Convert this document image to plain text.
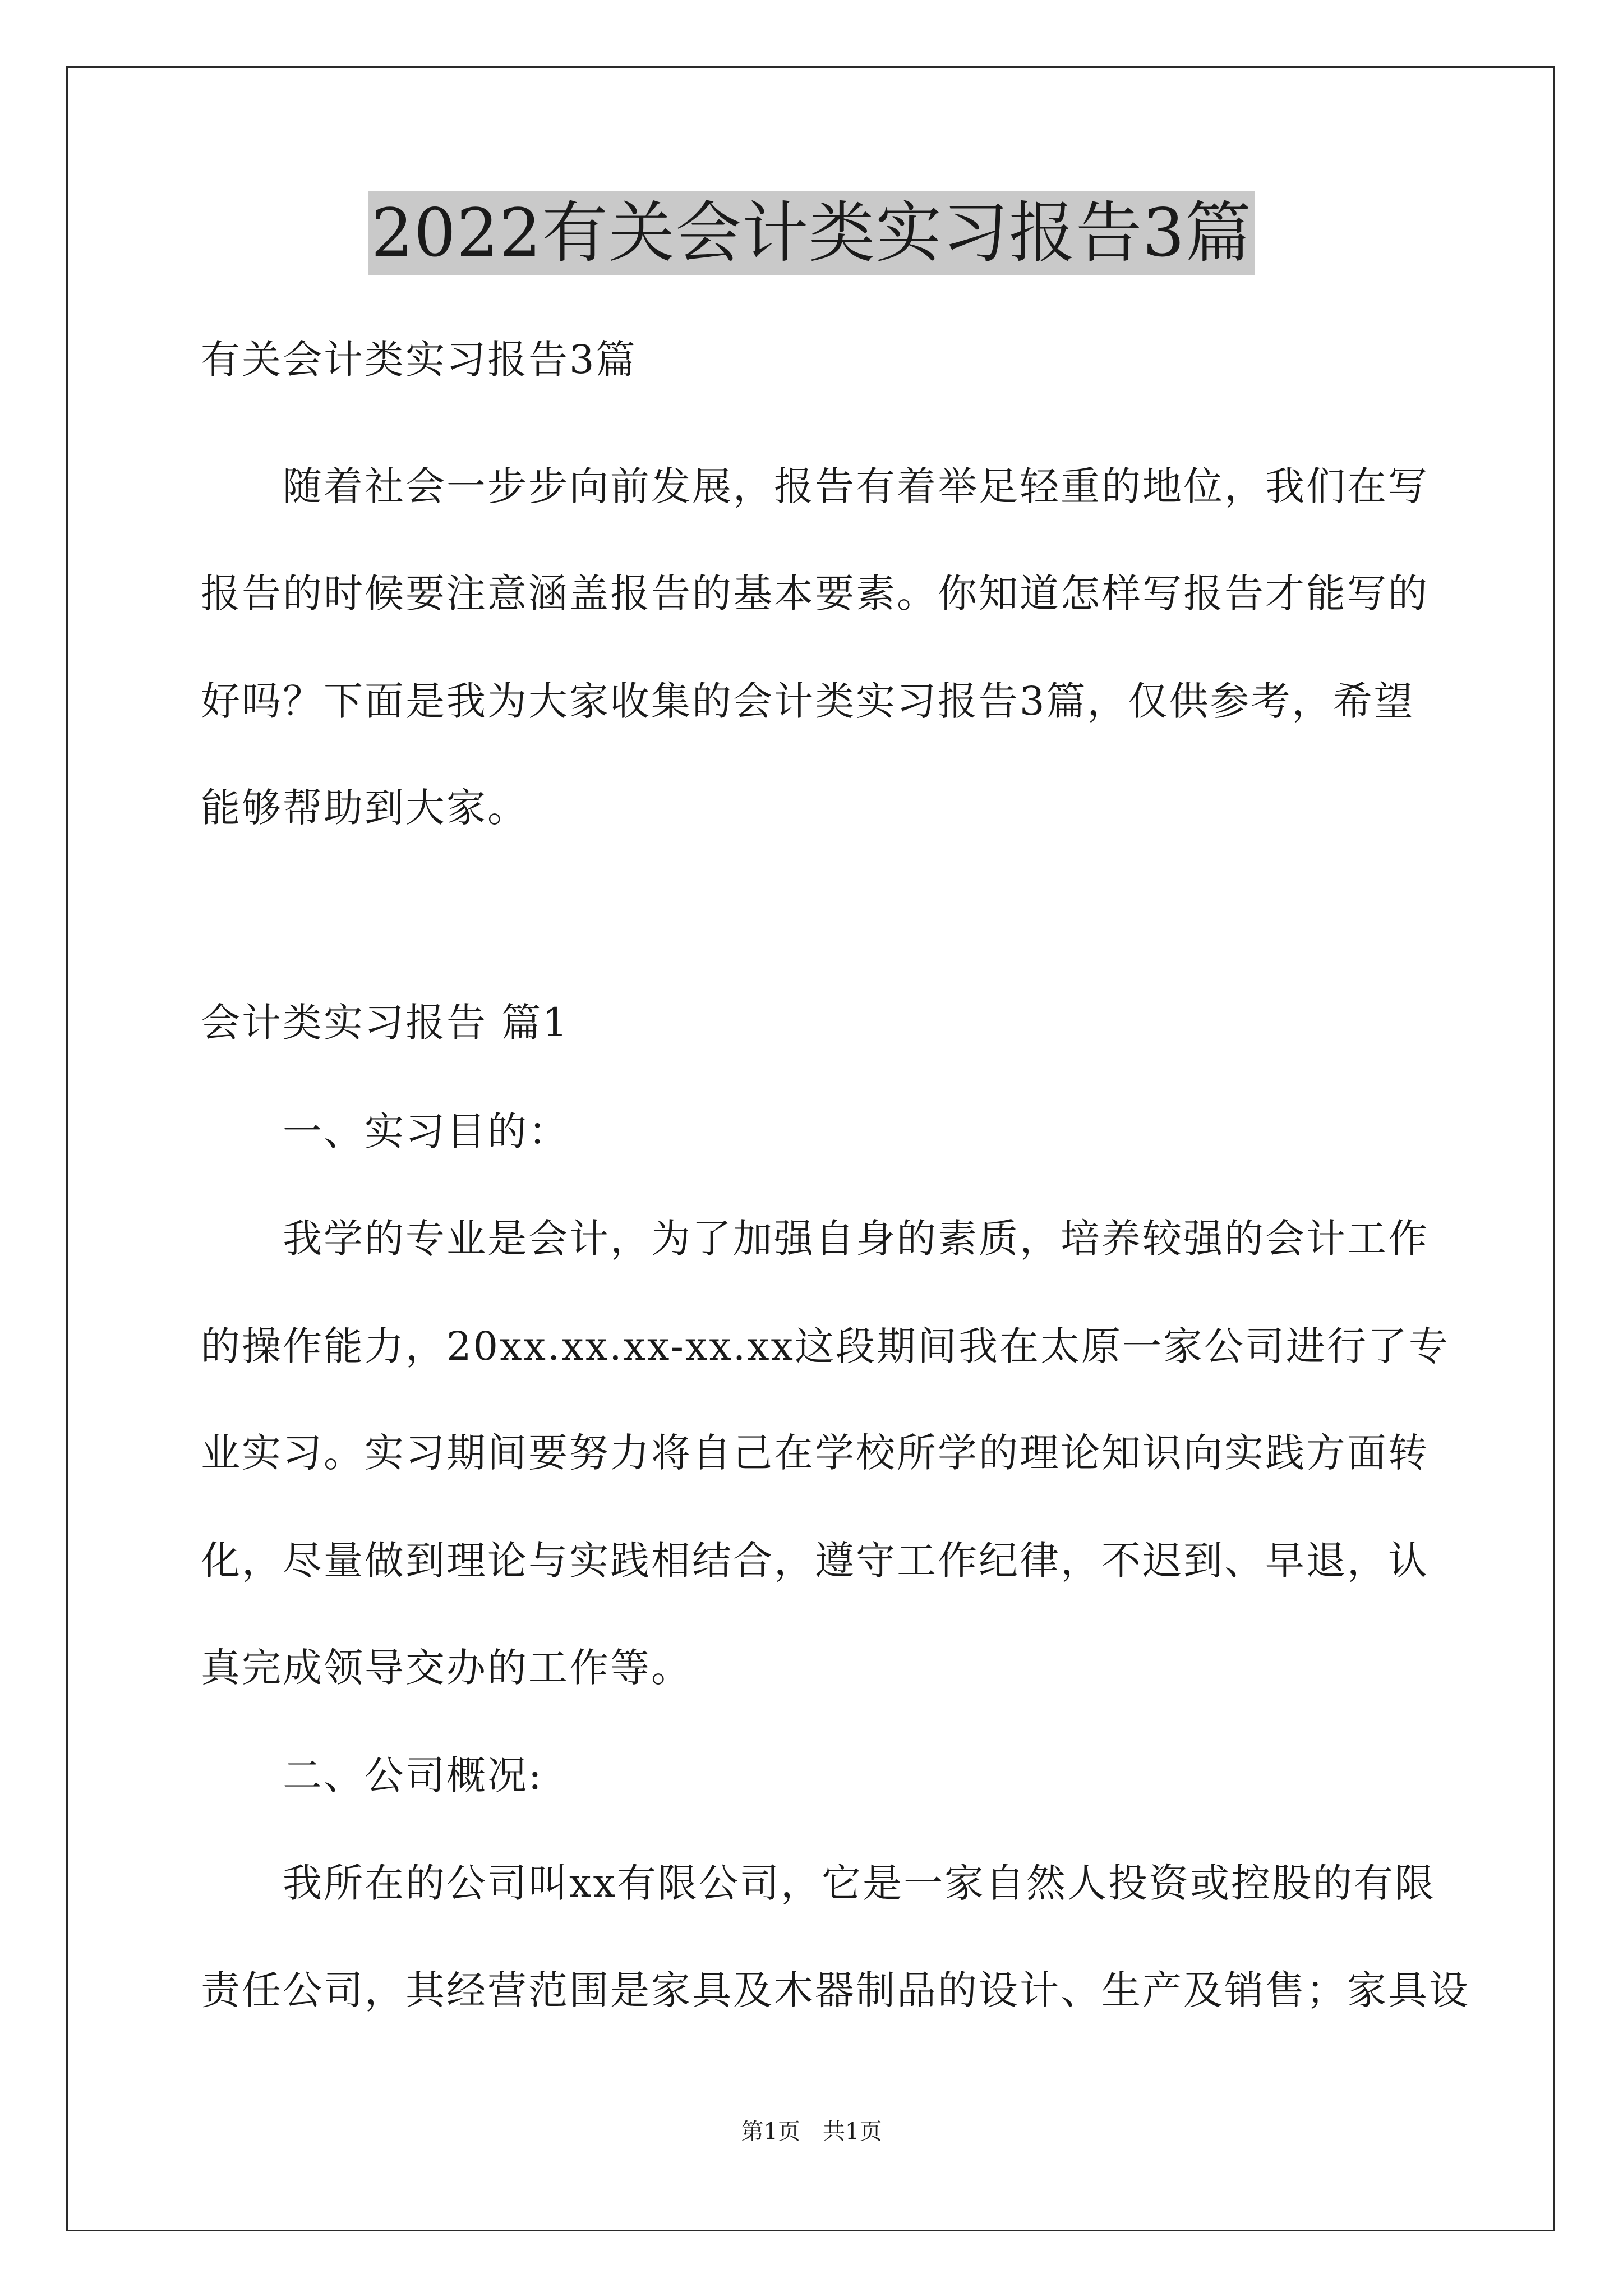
2022有关会计类实习报告3篇
有关会计类实习报告3篇
随着社会一步步向前发展，报告有着举足轻重的地位，我们在写
报告的时候要注意涵盖报告的基本要素。你知道怎样写报告才能写的
好吗？下面是我为大家收集的会计类实习报告3篇，仅供参考，希望
能够帮助到大家。
会计类实习报告 篇1
一、实习目的：
我学的专业是会计，为了加强自身的素质，培养较强的会计工作
的操作能力，20xx.xx.xx-xx.xx这段期间我在太原一家公司进行了专
业实习。实习期间要努力将自己在学校所学的理论知识向实践方面转
化，尽量做到理论与实践相结合，遵守工作纪律，不迟到、早退，认
真完成领导交办的工作等。
二、公司概况:
我所在的公司叫xx有限公司，它是一家自然人投资或控股的有限
责任公司，其经营范围是家具及木器制品的设计、生产及销售；家具设
第1页　共1页
